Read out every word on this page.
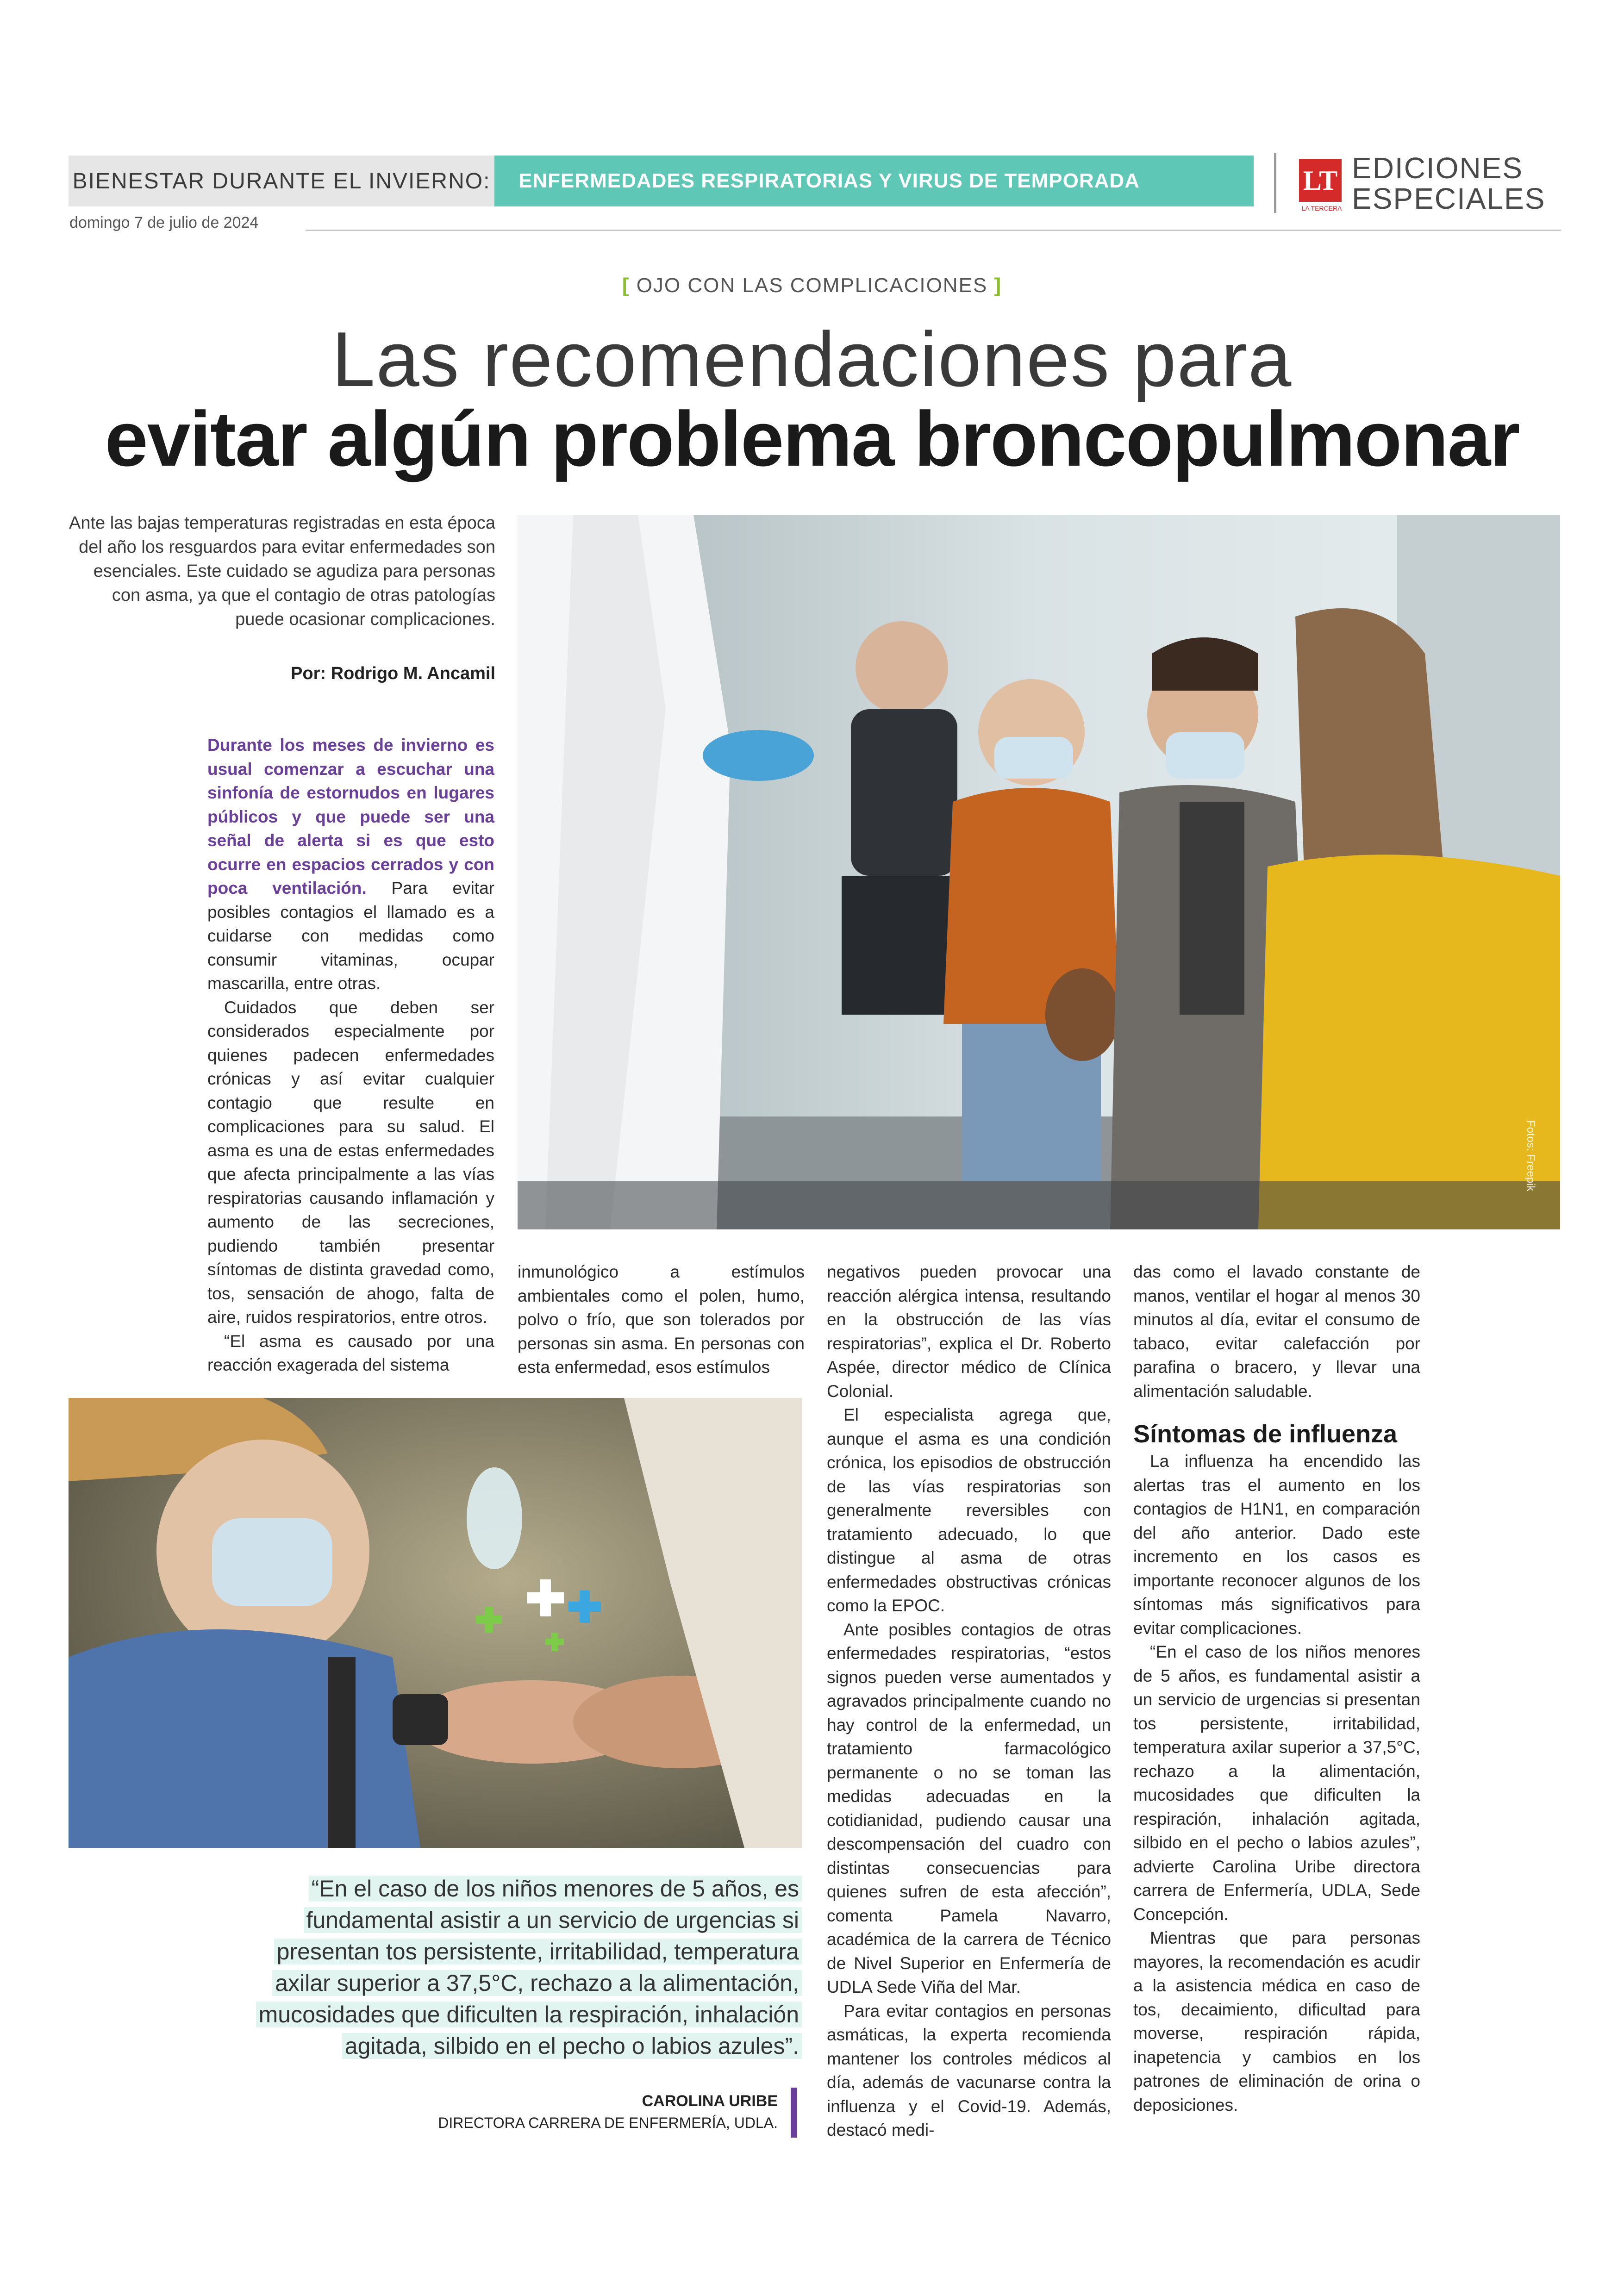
BIENESTAR DURANTE EL INVIERNO:	ENFERMEDADES RESPIRATORIAS Y VIRUS DE TEMPORADA	LT
LA TERCERA
EDICIONES
ESPECIALES
domingo 7 de julio de 2024
[ OJO CON LAS COMPLICACIONES ]
Las recomendaciones para
evitar algún problema broncopulmonar
Ante las bajas temperaturas registradas en esta época del año los resguardos para evitar enfermedades son esenciales. Este cuidado se agudiza para personas con asma, ya que el contagio de otras patologías puede ocasionar complicaciones.
Por: Rodrigo M. Ancamil
Fotos: Freepik

Durante los meses de invierno es usual comenzar a escuchar una sinfonía de estornudos en lugares públicos y que puede ser una señal de alerta si es que esto ocurre en espacios cerrados y con poca ventilación. Para evitar posibles contagios el llamado es a cuidarse con medidas como consumir vitaminas, ocupar mascarilla, entre otras.

Cuidados que deben ser considerados especialmente por quienes padecen enfermedades crónicas y así evitar cualquier contagio que resulte en complicaciones para su salud. El asma es una de estas enfermedades que afecta principalmente a las vías respiratorias causando inflamación y aumento de las secreciones, pudiendo también presentar síntomas de distinta gravedad como, tos, sensación de ahogo, falta de aire, ruidos respiratorios, entre otros.

“El asma es causado por una reacción exagerada del sistema

inmunológico a estímulos ambientales como el polen, humo, polvo o frío, que son tolerados por personas sin asma. En personas con esta enfermedad, esos estímulos

negativos pueden provocar una reacción alérgica intensa, resultando en la obstrucción de las vías respiratorias”, explica el Dr. Roberto Aspée, director médico de Clínica Colonial.

El especialista agrega que, aunque el asma es una condición crónica, los episodios de obstrucción de las vías respiratorias son generalmente reversibles con tratamiento adecuado, lo que distingue al asma de otras enfermedades obstructivas crónicas como la EPOC.

Ante posibles contagios de otras enfermedades respiratorias, “estos signos pueden verse aumentados y agravados principalmente cuando no hay control de la enfermedad, un tratamiento farmacológico permanente o no se toman las medidas adecuadas en la cotidianidad, pudiendo causar una descompensación del cuadro con distintas consecuencias para quienes sufren de esta afección”, comenta Pamela Navarro, académica de la carrera de Técnico de Nivel Superior en Enfermería de UDLA Sede Viña del Mar.

Para evitar contagios en personas asmáticas, la experta recomienda mantener los controles médicos al día, además de vacunarse contra la influenza y el Covid-19. Además, destacó medi-

das como el lavado constante de manos, ventilar el hogar al menos 30 minutos al día, evitar el consumo de tabaco, evitar calefacción por parafina o bracero, y llevar una alimentación saludable.

Síntomas de influenza

La influenza ha encendido las alertas tras el aumento en los contagios de H1N1, en comparación del año anterior. Dado este incremento en los casos es importante reconocer algunos de los síntomas más significativos para evitar complicaciones.

“En el caso de los niños menores de 5 años, es fundamental asistir a un servicio de urgencias si presentan tos persistente, irritabilidad, temperatura axilar superior a 37,5°C, rechazo a la alimentación, mucosidades que dificulten la respiración, inhalación agitada, silbido en el pecho o labios azules”, advierte Carolina Uribe directora carrera de Enfermería, UDLA, Sede Concepción.

Mientras que para personas mayores, la recomendación es acudir a la asistencia médica en caso de tos, decaimiento, dificultad para moverse, respiración rápida, inapetencia y cambios en los patrones de eliminación de orina o deposiciones.

“En el caso de los niños menores de 5 años, es
fundamental asistir a un servicio de urgencias si
presentan tos persistente, irritabilidad, temperatura
axilar superior a 37,5°C, rechazo a la alimentación,
mucosidades que dificulten la respiración, inhalación
agitada, silbido en el pecho o labios azules”.
CAROLINA URIBE
DIRECTORA CARRERA DE ENFERMERÍA, UDLA.
